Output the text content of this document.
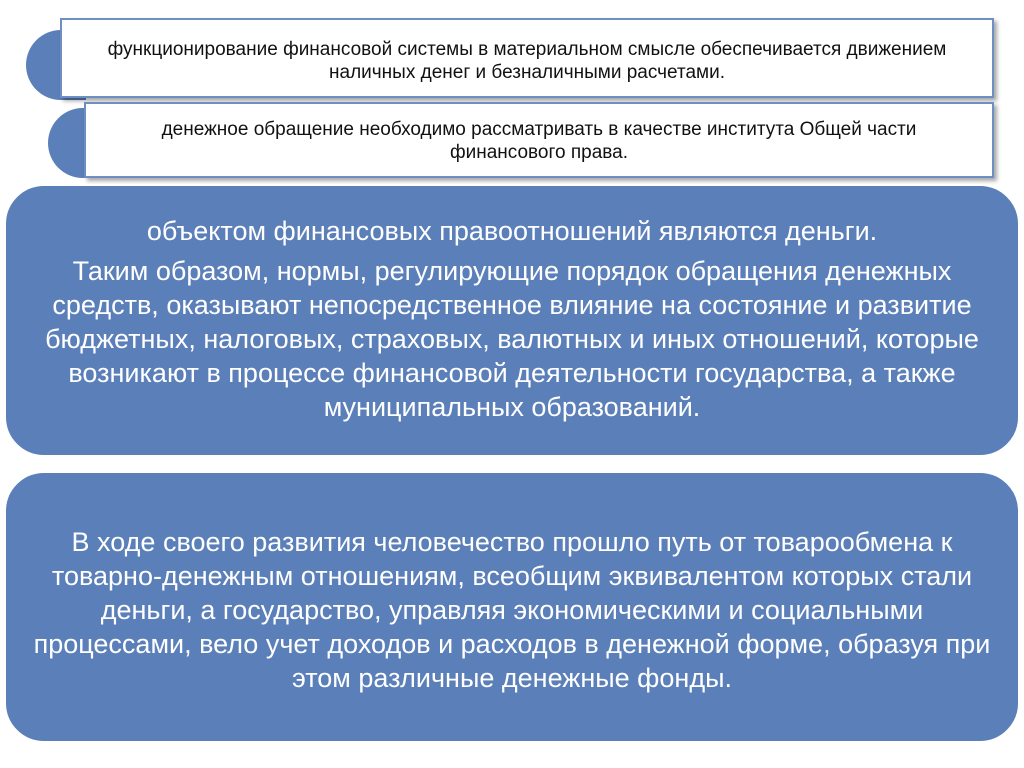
функционирование финансовой системы в материальном смысле обеспечивается движением наличных денег и безналичными расчетами.
денежное обращение необходимо рассматривать в качестве института Общей части финансового права.

объектом финансовых правоотношений являются деньги.

Таким образом, нормы, регулирующие порядок обращения денежных средств, оказывают непосредственное влияние на состояние и развитие бюджетных, налоговых, страховых, валютных и иных отношений, которые возникают в процессе финансовой деятельности государства, а также муниципальных образований.

В ходе своего развития человечество прошло путь от товарообмена к товарно-денежным отношениям, всеобщим эквивалентом которых стали деньги, а государство, управляя экономическими и социальными процессами, вело учет доходов и расходов в денежной форме, образуя при этом различные денежные фонды.
